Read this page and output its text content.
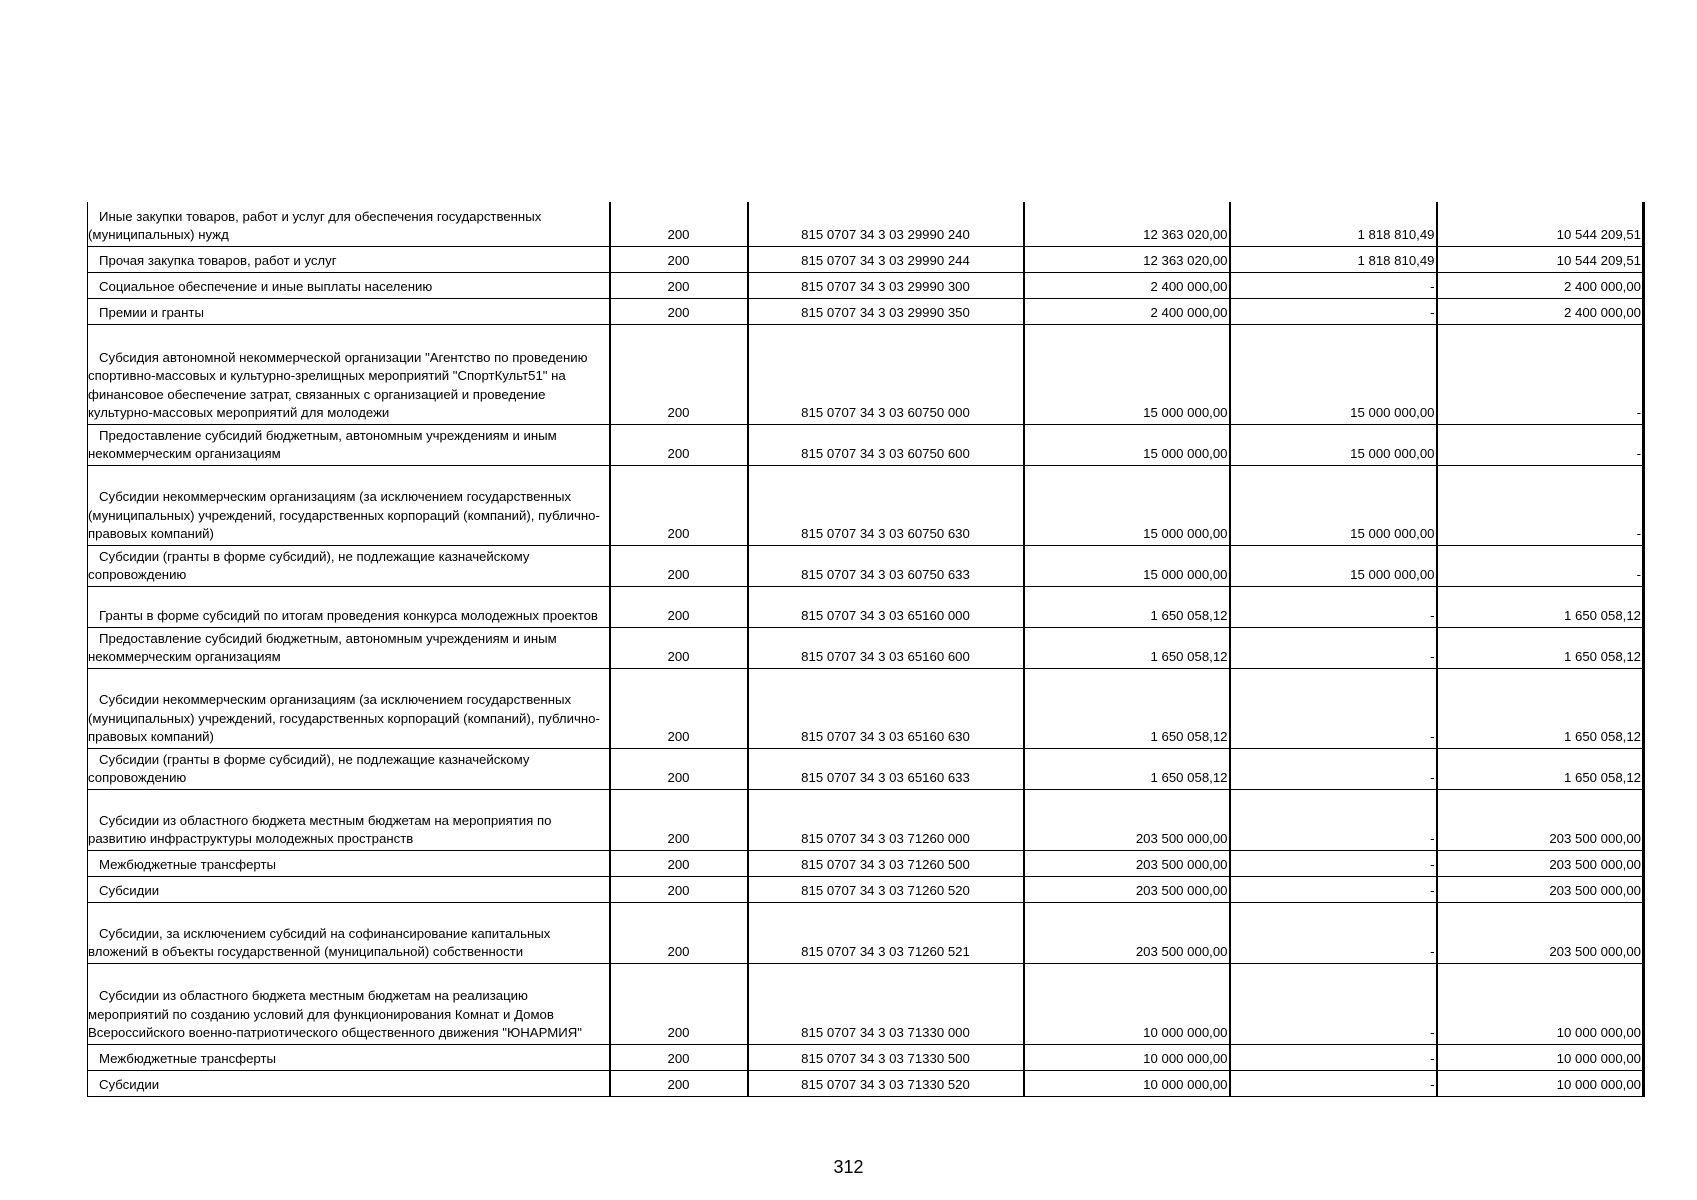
Иные закупки товаров, работ и услуг для обеспечения государственных (муниципальных) нужд	200	815 0707 34 3 03 29990 240	12 363 020,00	1 818 810,49	10 544 209,51
Прочая закупка товаров, работ и услуг	200	815 0707 34 3 03 29990 244	12 363 020,00	1 818 810,49	10 544 209,51
Социальное обеспечение и иные выплаты населению	200	815 0707 34 3 03 29990 300	2 400 000,00	-	2 400 000,00
Премии и гранты	200	815 0707 34 3 03 29990 350	2 400 000,00	-	2 400 000,00
Субсидия автономной некоммерческой организации "Агентство по проведению спортивно-массовых и культурно-зрелищных мероприятий "СпортКульт51" на финансовое обеспечение затрат, связанных с организацией и проведение культурно-массовых мероприятий для молодежи	200	815 0707 34 3 03 60750 000	15 000 000,00	15 000 000,00	-
Предоставление субсидий бюджетным, автономным учреждениям и иным некоммерческим организациям	200	815 0707 34 3 03 60750 600	15 000 000,00	15 000 000,00	-
Субсидии некоммерческим организациям (за исключением государственных (муниципальных) учреждений, государственных корпораций (компаний), публично-правовых компаний)	200	815 0707 34 3 03 60750 630	15 000 000,00	15 000 000,00	-
Субсидии (гранты в форме субсидий), не подлежащие казначейскому сопровождению	200	815 0707 34 3 03 60750 633	15 000 000,00	15 000 000,00	-
Гранты в форме субсидий по итогам проведения конкурса молодежных проектов	200	815 0707 34 3 03 65160 000	1 650 058,12	-	1 650 058,12
Предоставление субсидий бюджетным, автономным учреждениям и иным некоммерческим организациям	200	815 0707 34 3 03 65160 600	1 650 058,12	-	1 650 058,12
Субсидии некоммерческим организациям (за исключением государственных (муниципальных) учреждений, государственных корпораций (компаний), публично-правовых компаний)	200	815 0707 34 3 03 65160 630	1 650 058,12	-	1 650 058,12
Субсидии (гранты в форме субсидий), не подлежащие казначейскому сопровождению	200	815 0707 34 3 03 65160 633	1 650 058,12	-	1 650 058,12
Субсидии из областного бюджета местным бюджетам на мероприятия по развитию инфраструктуры молодежных пространств	200	815 0707 34 3 03 71260 000	203 500 000,00	-	203 500 000,00
Межбюджетные трансферты	200	815 0707 34 3 03 71260 500	203 500 000,00	-	203 500 000,00
Субсидии	200	815 0707 34 3 03 71260 520	203 500 000,00	-	203 500 000,00
Субсидии, за исключением субсидий на софинансирование капитальных вложений в объекты государственной (муниципальной) собственности	200	815 0707 34 3 03 71260 521	203 500 000,00	-	203 500 000,00
Субсидии из областного бюджета местным бюджетам на реализацию мероприятий по созданию условий для функционирования Комнат и Домов Всероссийского военно-патриотического общественного движения "ЮНАРМИЯ"	200	815 0707 34 3 03 71330 000	10 000 000,00	-	10 000 000,00
Межбюджетные трансферты	200	815 0707 34 3 03 71330 500	10 000 000,00	-	10 000 000,00
Субсидии	200	815 0707 34 3 03 71330 520	10 000 000,00	-	10 000 000,00
312
